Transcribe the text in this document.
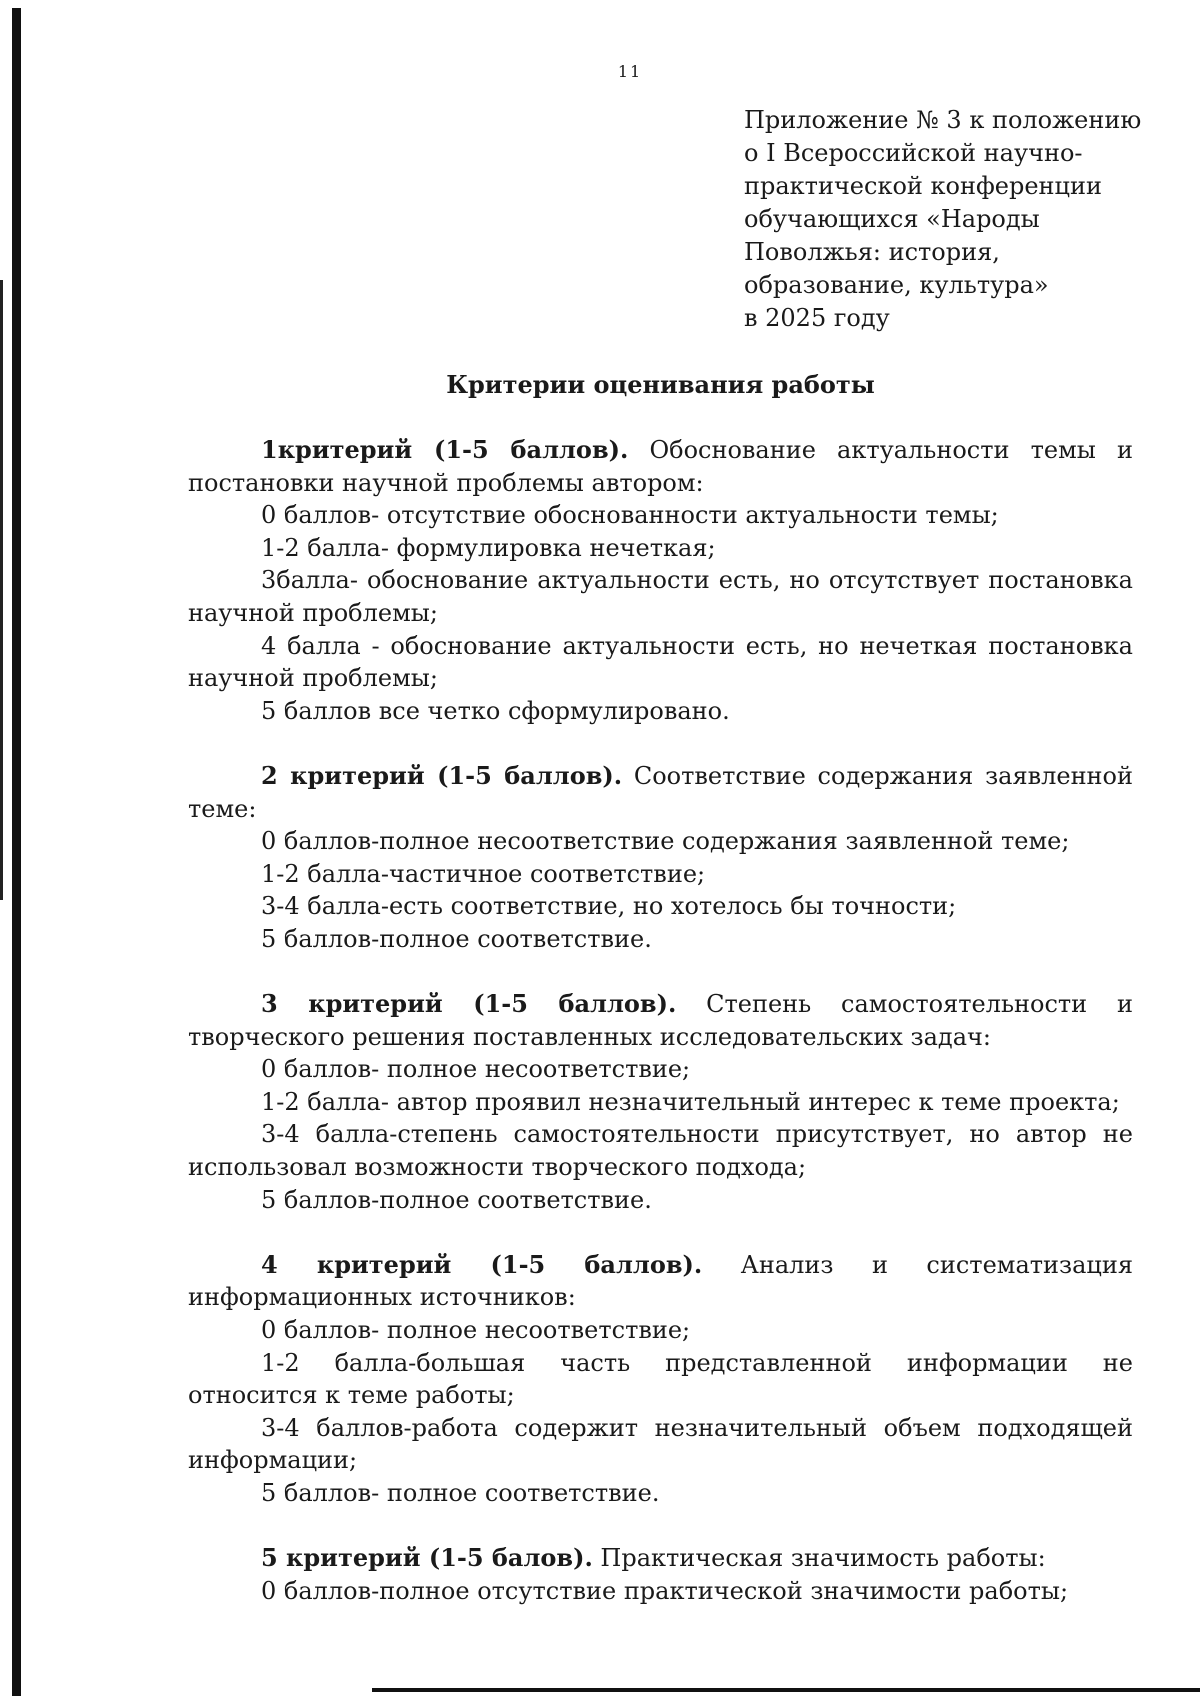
11
Приложение № 3 к положению
о I Всероссийской научно-
практической конференции
обучающихся «Народы
Поволжья: история,
образование, культура»
в 2025 году
Критерии оценивания работы

1критерий (1-5 баллов). Обоснование актуальности темы и постановки научной проблемы автором:

0 баллов- отсутствие обоснованности актуальности темы;

1-2 балла- формулировка нечеткая;

3балла- обоснование актуальности есть, но отсутствует постановка научной проблемы;

4 балла - обоснование актуальности есть, но нечеткая постановка научной проблемы;

5 баллов все четко сформулировано.

2 критерий (1-5 баллов). Соответствие содержания заявленной теме:

0 баллов-полное несоответствие содержания заявленной теме;

1-2 балла-частичное соответствие;

3-4 балла-есть соответствие, но хотелось бы точности;

5 баллов-полное соответствие.

3 критерий (1-5 баллов). Степень самостоятельности и творческого решения поставленных исследовательских задач:

0 баллов- полное несоответствие;

1-2 балла- автор проявил незначительный интерес к теме проекта;

3-4 балла-степень самостоятельности присутствует, но автор не использовал возможности творческого подхода;

5 баллов-полное соответствие.

4 критерий (1-5 баллов). Анализ и систематизация информационных источников:

0 баллов- полное несоответствие;

1-2 балла-большая часть представленной информации не относится к теме работы;

3-4 баллов-работа содержит незначительный объем подходящей информации;

5 баллов- полное соответствие.

5 критерий (1-5 балов). Практическая значимость работы:

0 баллов-полное отсутствие практической значимости работы;
